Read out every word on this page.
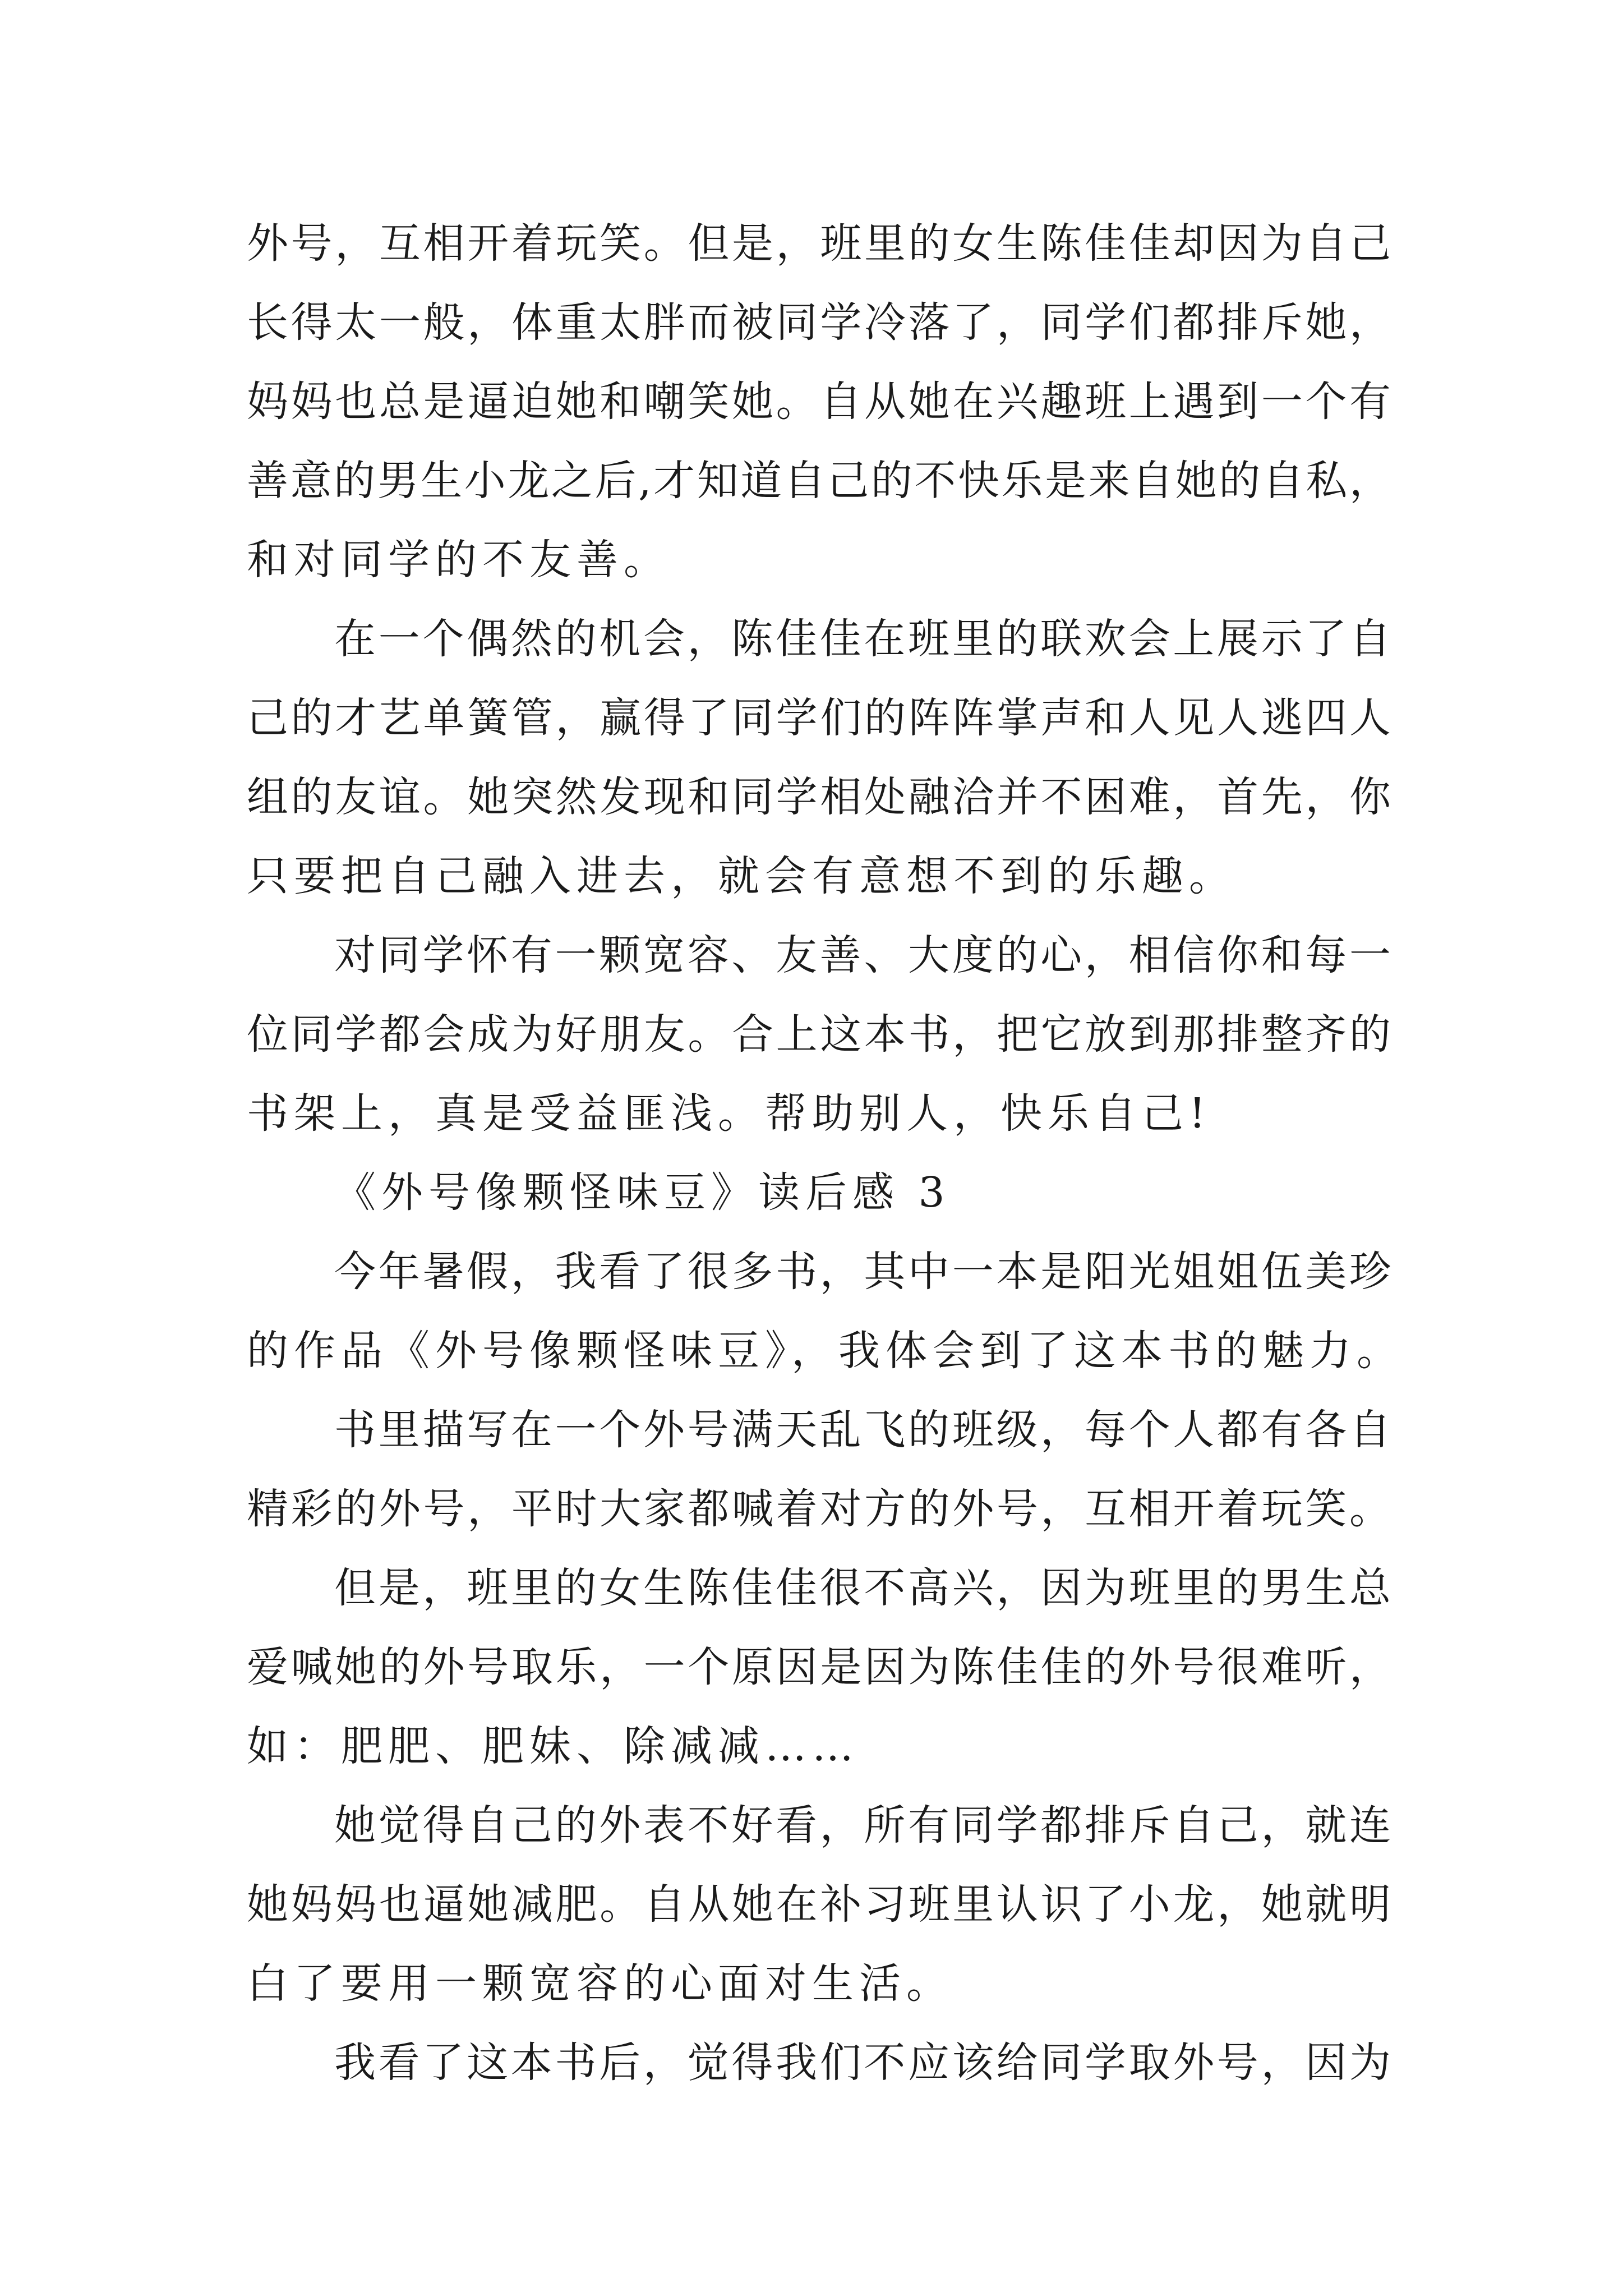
外号，互相开着玩笑。但是，班里的女生陈佳佳却因为自己
长得太一般，体重太胖而被同学冷落了，同学们都排斥她，
妈妈也总是逼迫她和嘲笑她。自从她在兴趣班上遇到一个有
善意的男生小龙之后,才知道自己的不快乐是来自她的自私，
和对同学的不友善。
在一个偶然的机会，陈佳佳在班里的联欢会上展示了自
己的才艺单簧管，赢得了同学们的阵阵掌声和人见人逃四人
组的友谊。她突然发现和同学相处融洽并不困难，首先，你
只要把自己融入进去，就会有意想不到的乐趣。
对同学怀有一颗宽容、友善、大度的心，相信你和每一
位同学都会成为好朋友。合上这本书，把它放到那排整齐的
书架上，真是受益匪浅。帮助别人，快乐自己!
《外号像颗怪味豆》读后感 3
今年暑假，我看了很多书，其中一本是阳光姐姐伍美珍
的作品《外号像颗怪味豆》，我体会到了这本书的魅力。
书里描写在一个外号满天乱飞的班级，每个人都有各自
精彩的外号，平时大家都喊着对方的外号，互相开着玩笑。
但是，班里的女生陈佳佳很不高兴，因为班里的男生总
爱喊她的外号取乐，一个原因是因为陈佳佳的外号很难听，
如：肥肥、肥妹、除减减……
她觉得自己的外表不好看，所有同学都排斥自己，就连
她妈妈也逼她减肥。自从她在补习班里认识了小龙，她就明
白了要用一颗宽容的心面对生活。
我看了这本书后，觉得我们不应该给同学取外号，因为
